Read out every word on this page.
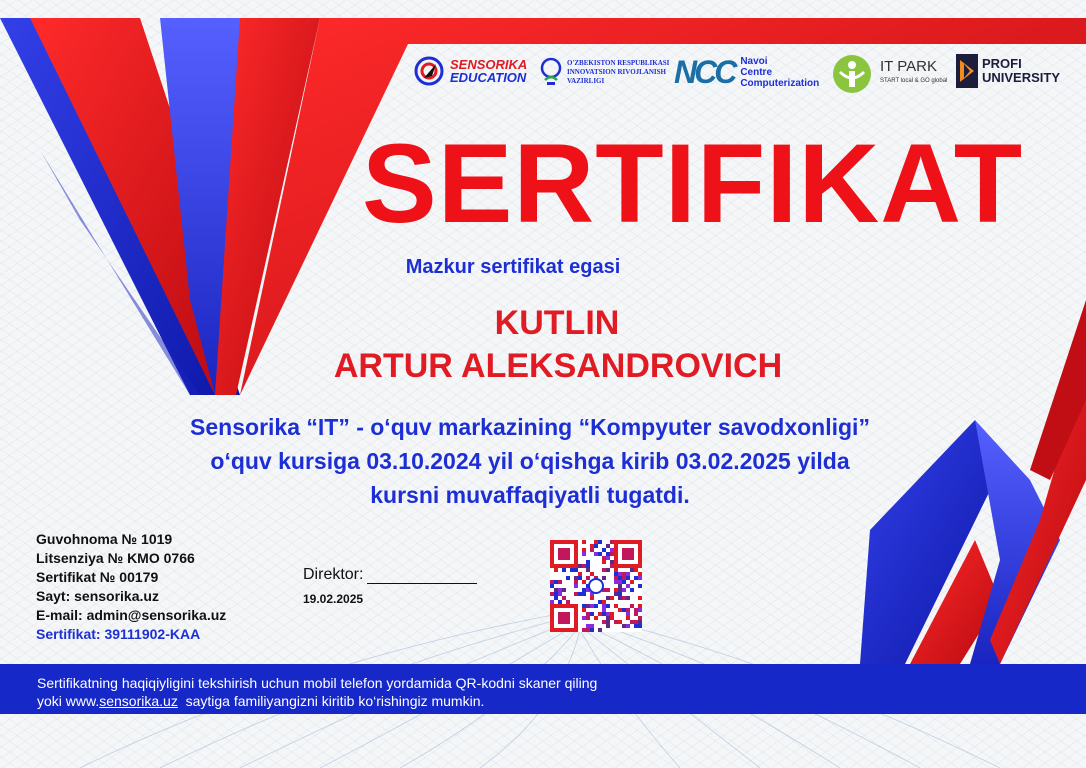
SENSORIKA
EDUCATION
O'ZBEKISTON RESPUBLIKASI
INNOVATSION RIVOJLANISH
VAZIRLIGI	NCC Navoi
Centre
Computerization
IT PARK
START local & GO global
PROFI
UNIVERSITY
SERTIFIKAT
Mazkur sertifikat egasi
KUTLIN
ARTUR ALEKSANDROVICH
Sensorika “IT” - o‘quv markazining “Kompyuter savodxonligi”
o‘quv kursiga 03.10.2024 yil o‘qishga kirib 03.02.2025 yilda
kursni muvaffaqiyatli tugatdi.
Guvohnoma № 1019
Litsenziya № KMO 0766
Sertifikat № 00179
Sayt: sensorika.uz
E-mail: admin@sensorika.uz
Sertifikat: 39111902-KAA
Direktor:
19.02.2025
Sertifikatning haqiqiyligini tekshirish uchun mobil telefon yordamida QR-kodni skaner qiling
yoki www.sensorika.uz  saytiga familiyangizni kiritib ko‘rishingiz mumkin.
